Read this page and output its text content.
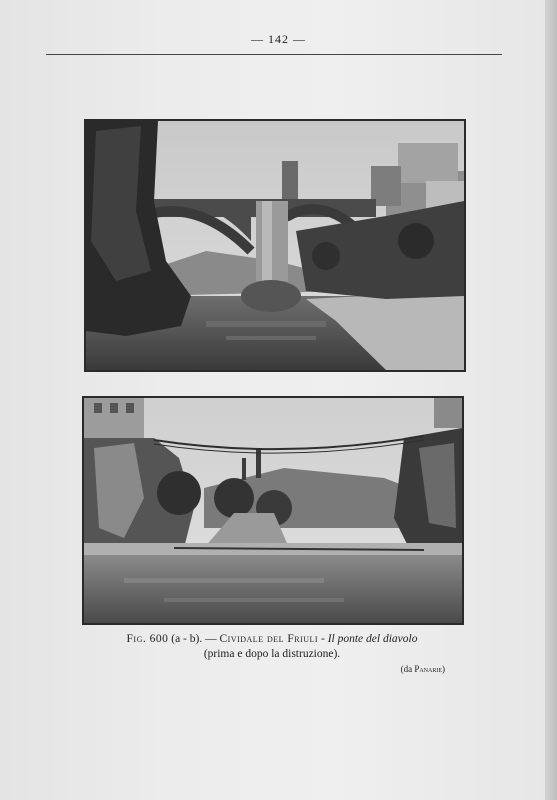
— 142 —
Fig. 600 (a - b). — Cividale del Friuli - Il ponte del diavolo
(prima e dopo la distruzione).
(da Panarie)
